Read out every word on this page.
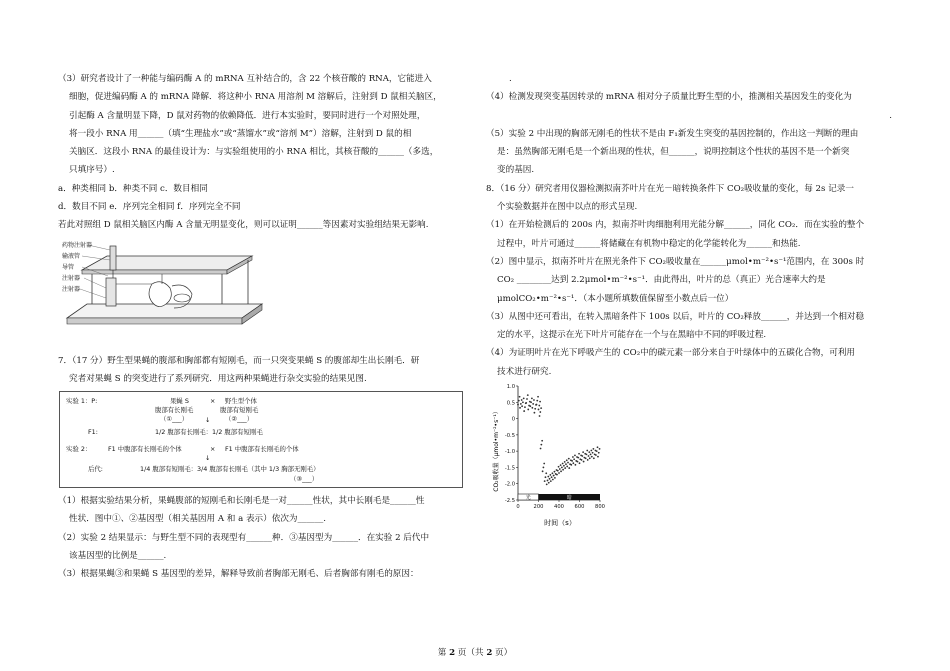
（3）研究者设计了一种能与编码酶 A 的 mRNA 互补结合的，含 22 个核苷酸的 RNA，它能进入

细胞，促进编码酶 A 的 mRNA 降解．将这种小 RNA 用溶剂 M 溶解后，注射到 D 鼠相关脑区，

引起酶 A 含量明显下降，D 鼠对药物的依赖降低．进行本实验时，要同时进行一个对照处理，

将一段小 RNA 用______（填“生理盐水”或“蒸馏水”或“溶剂 M”）溶解，注射到 D 鼠的相

关脑区．这段小 RNA 的最佳设计为：与实验组使用的小 RNA 相比，其核苷酸的______（多选，

只填序号）.

a．种类相同 b．种类不同 c．数目相同

d．数目不同 e．序列完全相同 f．序列完全不同

若此对照组 D 鼠相关脑区内酶 A 含量无明显变化，则可以证明______等因素对实验组结果无影响.

药物注射器
输液管
导管
注射器
注射器

7．（17 分）野生型果蝇的腹部和胸部都有短刚毛，而一只突变果蝇 S 的腹部却生出长刚毛．研

究者对果蝇 S 的突变进行了系列研究．用这两种果蝇进行杂交实验的结果见图.

实验 1：P:	果蝇 S	× 野生型个体
腹部有长刚毛	腹部有短刚毛
（①___）	（②___）
↓
F1:	1/2 腹部有长刚毛：1/2 腹部有短刚毛
实验 2：	F1 中腹部有长刚毛的个体	× F1 中腹部有长刚毛的个体
↓
后代:	1/4 腹部有短刚毛：3/4 腹部有长刚毛（其中 1/3 胸部无刚毛）
（③___）

（1）根据实验结果分析，果蝇腹部的短刚毛和长刚毛是一对______性状，其中长刚毛是______性

性状．图中①、②基因型（相关基因用 A 和 a 表示）依次为______.

（2）实验 2 结果显示：与野生型不同的表现型有______种．③基因型为______．在实验 2 后代中

该基因型的比例是______.

（3）根据果蝇③和果蝇 S 基因型的差异，解释导致前者胸部无刚毛、后者胸部有刚毛的原因：

.

（4）检测发现突变基因转录的 mRNA 相对分子质量比野生型的小，推测相关基因发生的变化为

.

（5）实验 2 中出现的胸部无刚毛的性状不是由 F₁新发生突变的基因控制的，作出这一判断的理由

是：虽然胸部无刚毛是一个新出现的性状，但______，说明控制这个性状的基因不是一个新突

变的基因.

8．（16 分）研究者用仪器检测拟南芥叶片在光－暗转换条件下 CO₂吸收量的变化，每 2s 记录一

个实验数据并在图中以点的形式呈现.

（1）在开始检测后的 200s 内，拟南芥叶肉细胞利用光能分解______，同化 CO₂．而在实验的整个

过程中，叶片可通过______将储藏在有机物中稳定的化学能转化为______和热能.

（2）图中显示，拟南芥叶片在照光条件下 CO₂吸收量在______μmol•m⁻²•s⁻¹范围内，在 300s 时

CO₂ ________达到 2.2μmol•m⁻²•s⁻¹．由此得出，叶片的总（真正）光合速率大约是

μmolCO₂•m⁻²•s⁻¹．（本小题所填数值保留至小数点后一位）

（3）从图中还可看出，在转入黑暗条件下 100s 以后，叶片的 CO₂释放______，并达到一个相对稳

定的水平，这提示在光下叶片可能存在一个与在黑暗中不同的呼吸过程.

（4）为证明叶片在光下呼吸产生的 CO₂中的碳元素一部分来自于叶绿体中的五碳化合物，可利用

技术进行研究.

光	暗
1.0
0.5
0
-0.5
-1.0
-1.5
-2.0
-2.5
0	200 400 600 800
时间（s）
CO₂吸收量（μmol•m⁻²•s⁻¹）
第 2 页（共 2 页）
